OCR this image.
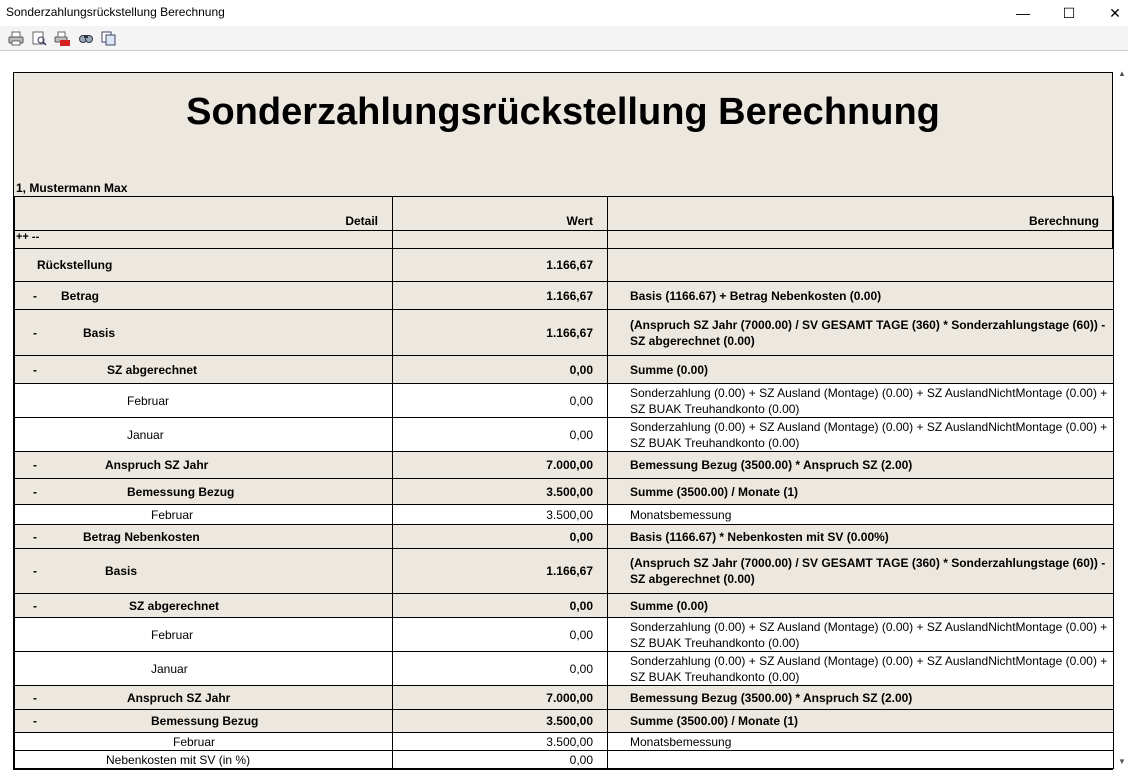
Sonderzahlungsrückstellung Berechnung	—	☐	✕
Sonderzahlungsrückstellung Berechnung
1, Mustermann Max
Detail	Wert	Berechnung
++ --		

Rückstellung	1.166,67	

- Betrag	1.166,67	Basis (1166.67) + Betrag Nebenkosten (0.00)

- Basis	1.166,67	(Anspruch SZ Jahr (7000.00) / SV GESAMT TAGE (360) * Sonderzahlungstage (60)) - SZ abgerechnet (0.00)

- SZ abgerechnet	0,00	Summe (0.00)

Februar	0,00	Sonderzahlung (0.00) + SZ Ausland (Montage) (0.00) + SZ AuslandNichtMontage (0.00) + SZ BUAK Treuhandkonto (0.00)

Januar	0,00	Sonderzahlung (0.00) + SZ Ausland (Montage) (0.00) + SZ AuslandNichtMontage (0.00) + SZ BUAK Treuhandkonto (0.00)

- Anspruch SZ Jahr	7.000,00	Bemessung Bezug (3500.00) * Anspruch SZ (2.00)

- Bemessung Bezug	3.500,00	Summe (3500.00) / Monate (1)

Februar	3.500,00	Monatsbemessung

- Betrag Nebenkosten	0,00	Basis (1166.67) * Nebenkosten mit SV (0.00%)

- Basis	1.166,67	(Anspruch SZ Jahr (7000.00) / SV GESAMT TAGE (360) * Sonderzahlungstage (60)) - SZ abgerechnet (0.00)

- SZ abgerechnet	0,00	Summe (0.00)

Februar	0,00	Sonderzahlung (0.00) + SZ Ausland (Montage) (0.00) + SZ AuslandNichtMontage (0.00) + SZ BUAK Treuhandkonto (0.00)

Januar	0,00	Sonderzahlung (0.00) + SZ Ausland (Montage) (0.00) + SZ AuslandNichtMontage (0.00) + SZ BUAK Treuhandkonto (0.00)

- Anspruch SZ Jahr	7.000,00	Bemessung Bezug (3500.00) * Anspruch SZ (2.00)

- Bemessung Bezug	3.500,00	Summe (3500.00) / Monate (1)

Februar	3.500,00	Monatsbemessung

Nebenkosten mit SV (in %)	0,00	
▲
▼
